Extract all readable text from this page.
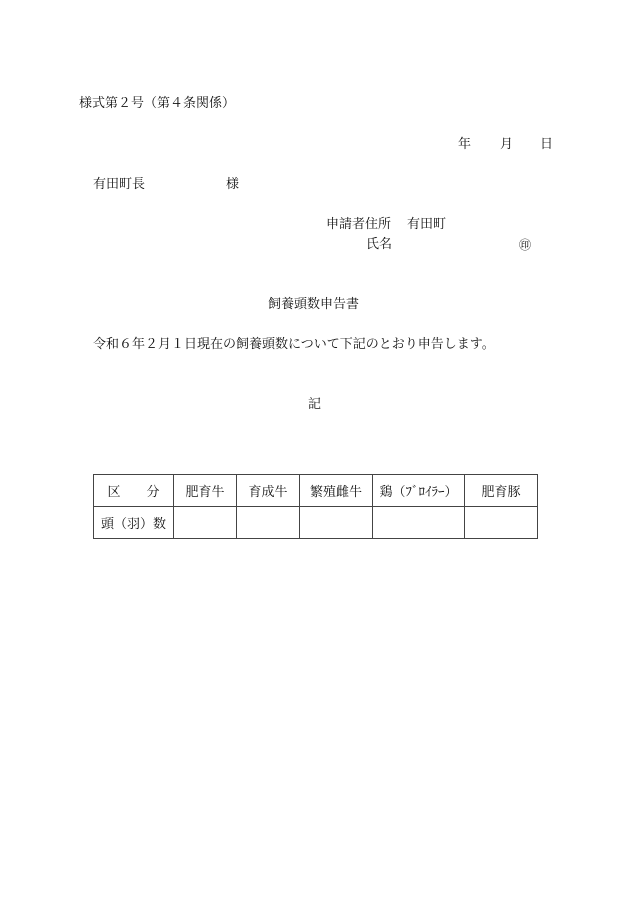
様式第２号（第４条関係）
年 月 日
有田町長	様
申請者住所 有田町
氏名	㊞
飼養頭数申告書
令和６年２月１日現在の飼養頭数について下記のとおり申告します。
記
区　　分	肥育牛	育成牛	繁殖雌牛	鶏（ﾌﾞﾛｲﾗｰ）	肥育豚
頭（羽）数					
